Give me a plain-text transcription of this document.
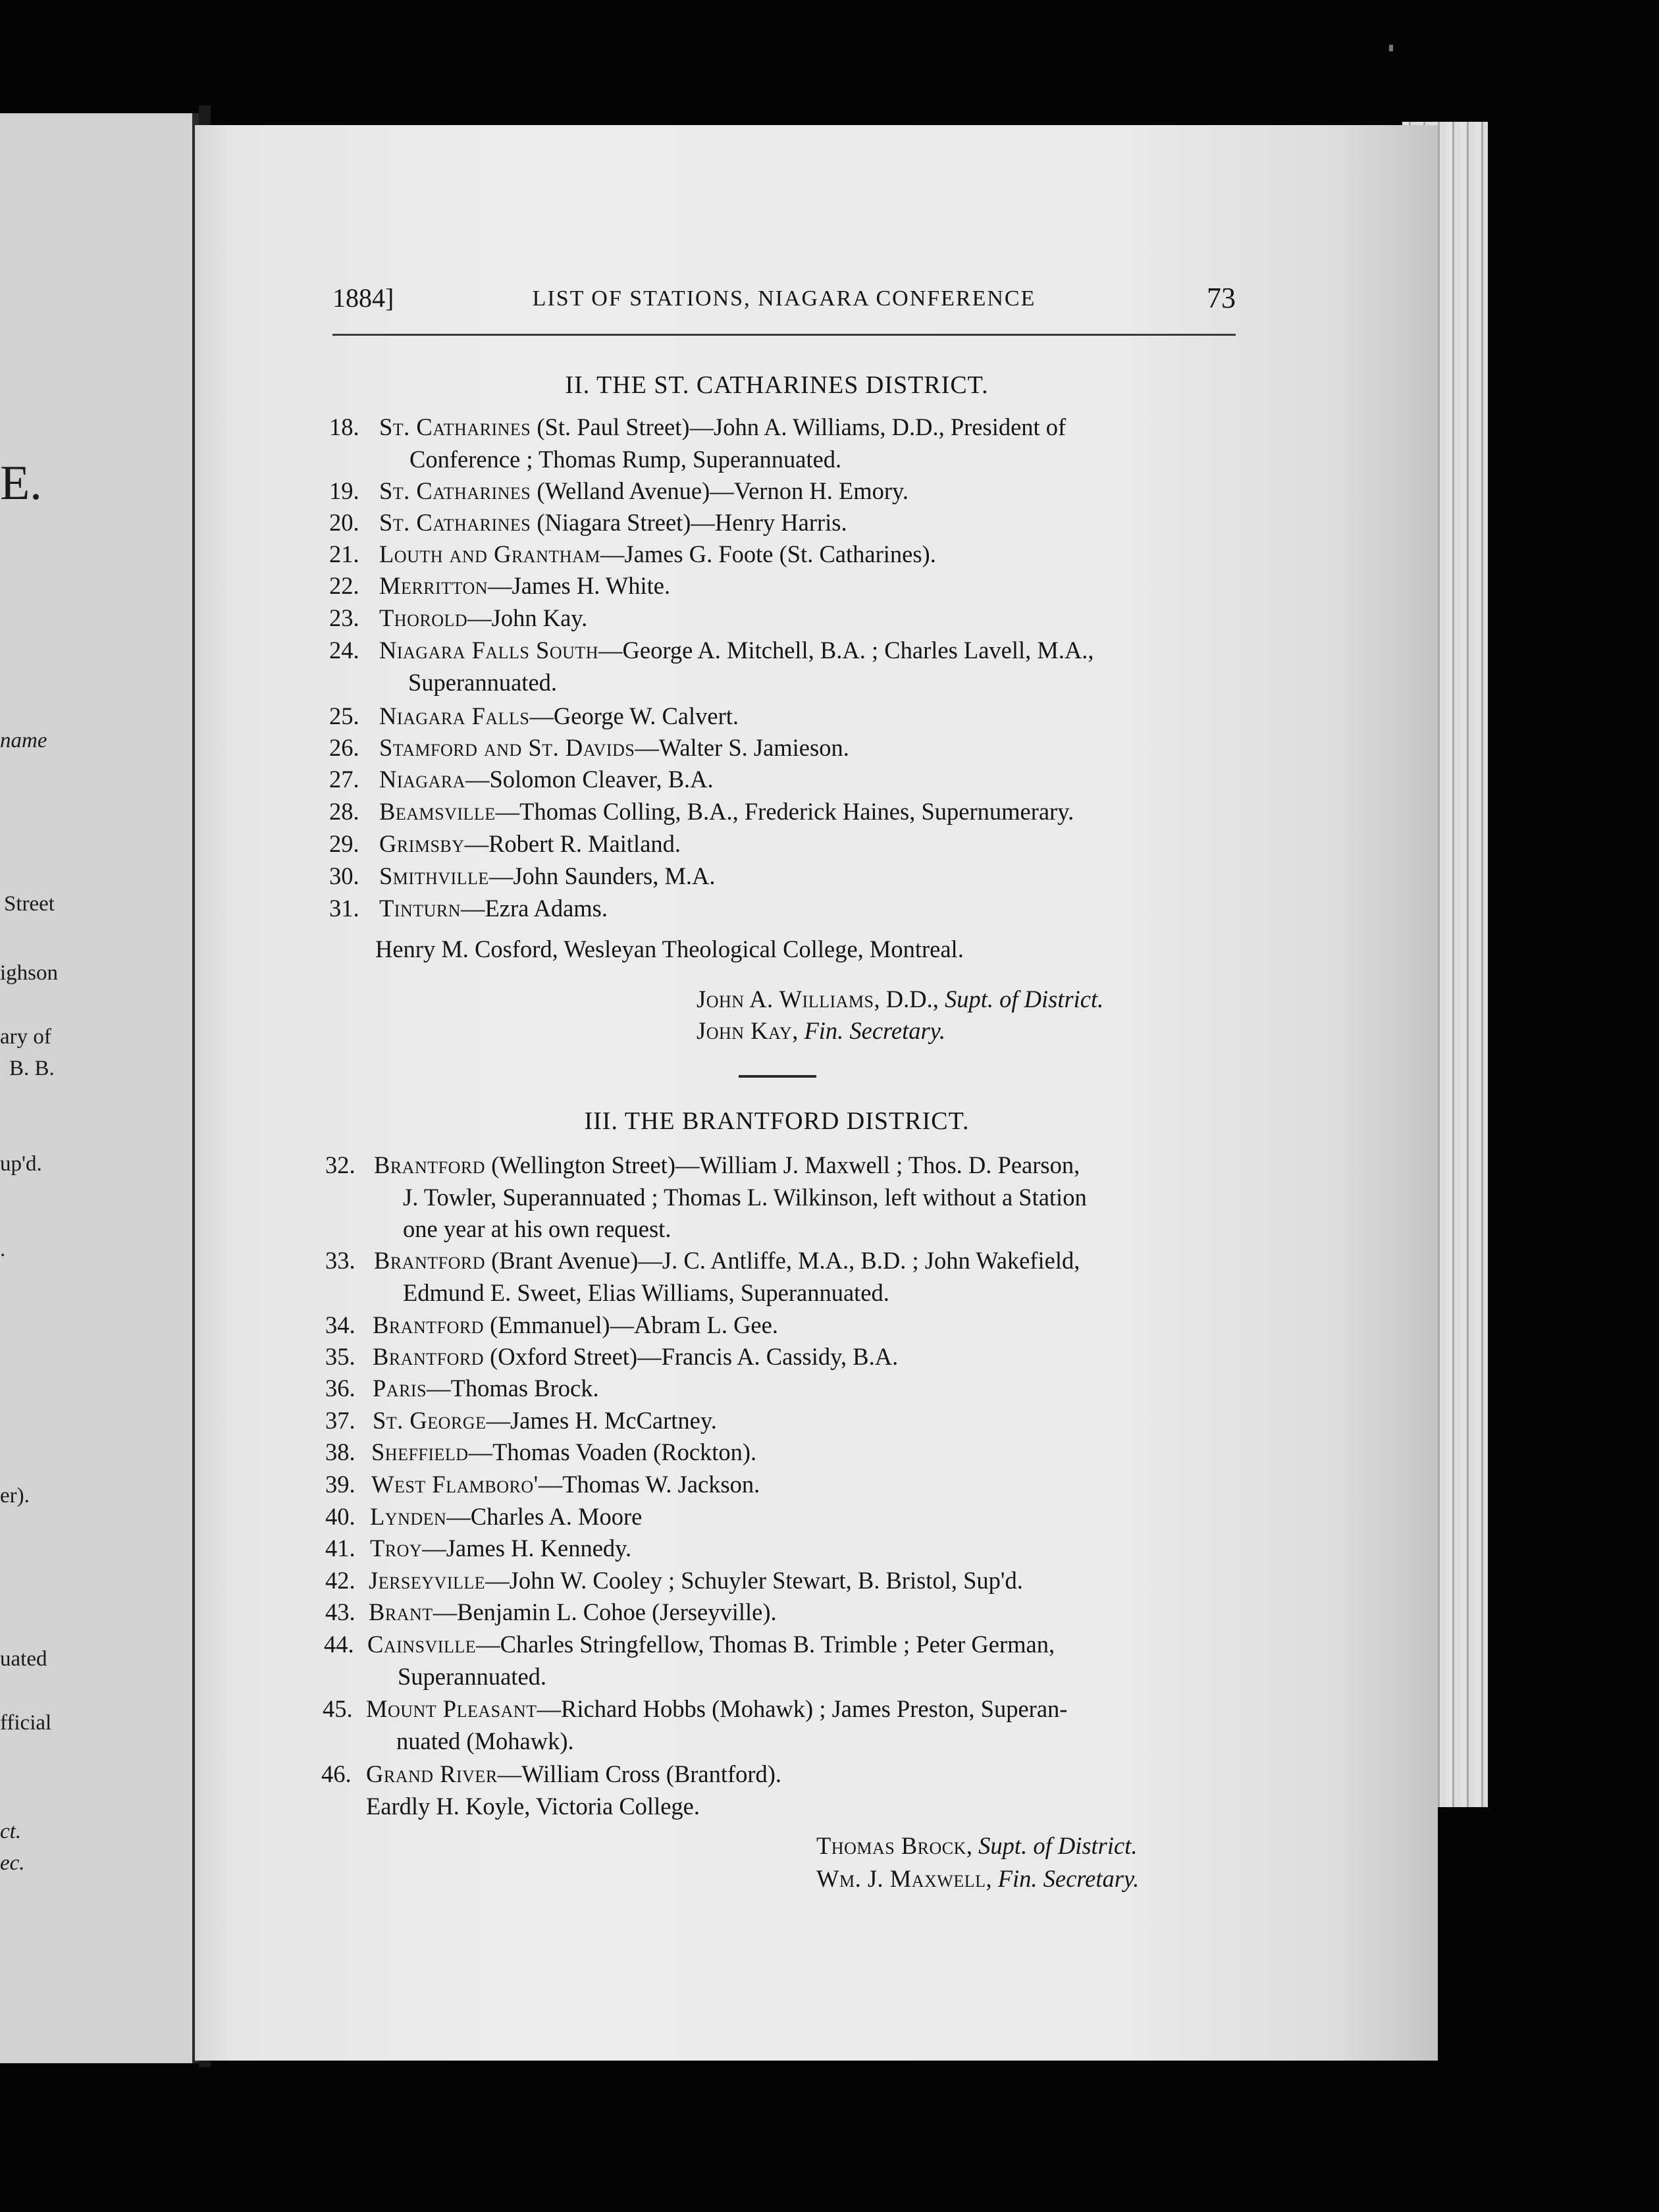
E.
name
Street
ighson
ary of
B. B.
up'd.
.
er).
uated
fficial
ct.
ec.
1884]	LIST OF STATIONS, NIAGARA CONFERENCE	73
II. THE ST. CATHARINES DISTRICT.
18. St. Catharines (St. Paul Street)—John A. Williams, D.D., President of
Conference ; Thomas Rump, Superannuated.
19. St. Catharines (Welland Avenue)—Vernon H. Emory.
20. St. Catharines (Niagara Street)—Henry Harris.
21. Louth and Grantham—James G. Foote (St. Catharines).
22. Merritton—James H. White.
23. Thorold—John Kay.
24. Niagara Falls South—George A. Mitchell, B.A. ; Charles Lavell, M.A.,
Superannuated.
25. Niagara Falls—George W. Calvert.
26. Stamford and St. Davids—Walter S. Jamieson.
27. Niagara—Solomon Cleaver, B.A.
28. Beamsville—Thomas Colling, B.A., Frederick Haines, Supernumerary.
29. Grimsby—Robert R. Maitland.
30. Smithville—John Saunders, M.A.
31. Tinturn—Ezra Adams.
Henry M. Cosford, Wesleyan Theological College, Montreal.
John A. Williams, D.D., Supt. of District.
John Kay, Fin. Secretary.
III. THE BRANTFORD DISTRICT.
32. Brantford (Wellington Street)—William J. Maxwell ; Thos. D. Pearson,
J. Towler, Superannuated ; Thomas L. Wilkinson, left without a Station
one year at his own request.
33. Brantford (Brant Avenue)—J. C. Antliffe, M.A., B.D. ; John Wakefield,
Edmund E. Sweet, Elias Williams, Superannuated.
34. Brantford (Emmanuel)—Abram L. Gee.
35. Brantford (Oxford Street)—Francis A. Cassidy, B.A.
36. Paris—Thomas Brock.
37. St. George—James H. McCartney.
38. Sheffield—Thomas Voaden (Rockton).
39. West Flamboro'—Thomas W. Jackson.
40. Lynden—Charles A. Moore
41. Troy—James H. Kennedy.
42. Jerseyville—John W. Cooley ; Schuyler Stewart, B. Bristol, Sup'd.
43. Brant—Benjamin L. Cohoe (Jerseyville).
44. Cainsville—Charles Stringfellow, Thomas B. Trimble ; Peter German,
Superannuated.
45. Mount Pleasant—Richard Hobbs (Mohawk) ; James Preston, Superan-
nuated (Mohawk).
46. Grand River—William Cross (Brantford).
Eardly H. Koyle, Victoria College.
Thomas Brock, Supt. of District.
Wm. J. Maxwell, Fin. Secretary.
